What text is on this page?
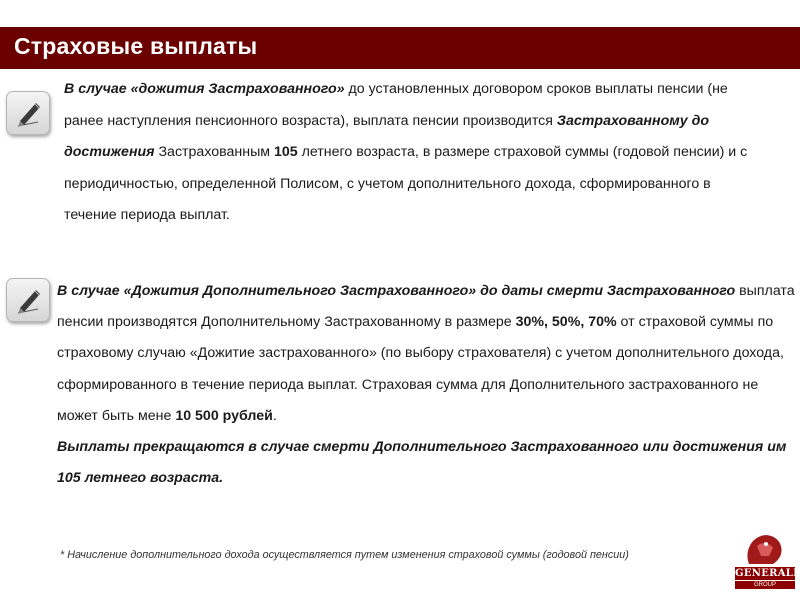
Страховые выплаты

В случае «дожития Застрахованного» до установленных договором сроков выплаты пенсии (не ранее наступления пенсионного возраста), выплата пенсии производится Застрахованному до достижения Застрахованным 105 летнего возраста, в размере страховой суммы (годовой пенсии) и с периодичностью, определенной Полисом, с учетом дополнительного дохода, сформированного в течение периода выплат.

В случае «Дожития Дополнительного Застрахованного» до даты смерти Застрахованного выплата пенсии производятся Дополнительному Застрахованному в размере 30%, 50%, 70% от страховой суммы по страховому случаю «Дожитие застрахованного» (по выбору страхователя) с учетом дополнительного дохода, сформированного в течение периода выплат. Страховая сумма для Дополнительного застрахованного не может быть мене 10 500 рублей.
Выплаты прекращаются в случае смерти Дополнительного Застрахованного или достижения им 105 летнего возраста.

* Начисление дополнительного дохода осуществляется путем изменения страховой суммы (годовой пенсии)
GENERALI
GROUP
